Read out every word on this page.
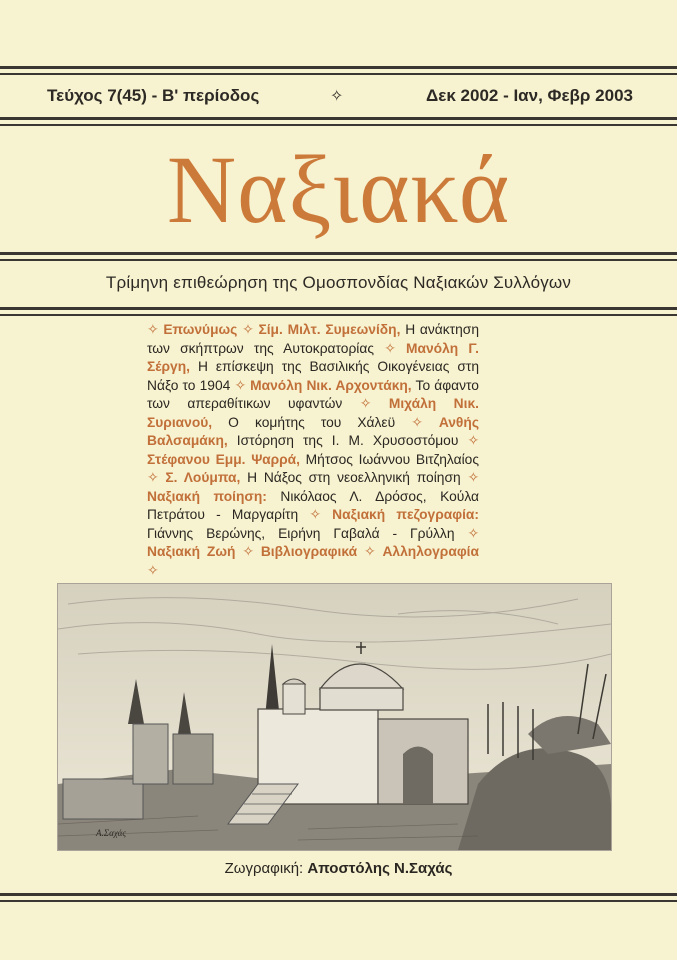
Τεύχος 7(45) - Β' περίοδος	✧	Δεκ 2002 - Ιαν, Φεβρ 2003
Ναξιακά
Τρίμηνη επιθεώρηση της Ομοσπονδίας Ναξιακών Συλλόγων
✧ Επωνύμως ✧ Σίμ. Μιλτ. Συμεωνίδη, Η ανάκτηση των σκήπτρων της Αυτοκρατορίας ✧ Μανόλη Γ. Σέργη, Η επίσκεψη της Βασιλικής Οικογένειας στη Νάξο το 1904 ✧ Μανόλη Νικ. Αρχοντάκη, Το άφαντο των απεραθίτικων υφαντών ✧ Μιχάλη Νικ. Συριανού, Ο κομήτης του Χάλεϋ ✧ Ανθής Βαλσαμάκη, Ιστόρηση της Ι. Μ. Χρυσοστόμου ✧ Στέφανου Εμμ. Ψαρρά, Μήτσος Ιωάννου Βιτζηλαίος ✧ Σ. Λούμπα, Η Νάξος στη νεοελληνική ποίηση ✧ Ναξιακή ποίηση: Νικόλαος Λ. Δρόσος, Κούλα Πετράτου - Μαργαρίτη ✧ Ναξιακή πεζογραφία: Γιάννης Βερώνης, Ειρήνη Γαβαλά - Γρύλλη ✧ Ναξιακή Ζωή ✧ Βιβλιογραφικά ✧ Αλληλογραφία ✧
Α.Σαχάς
Ζωγραφική: Αποστόλης Ν.Σαχάς
